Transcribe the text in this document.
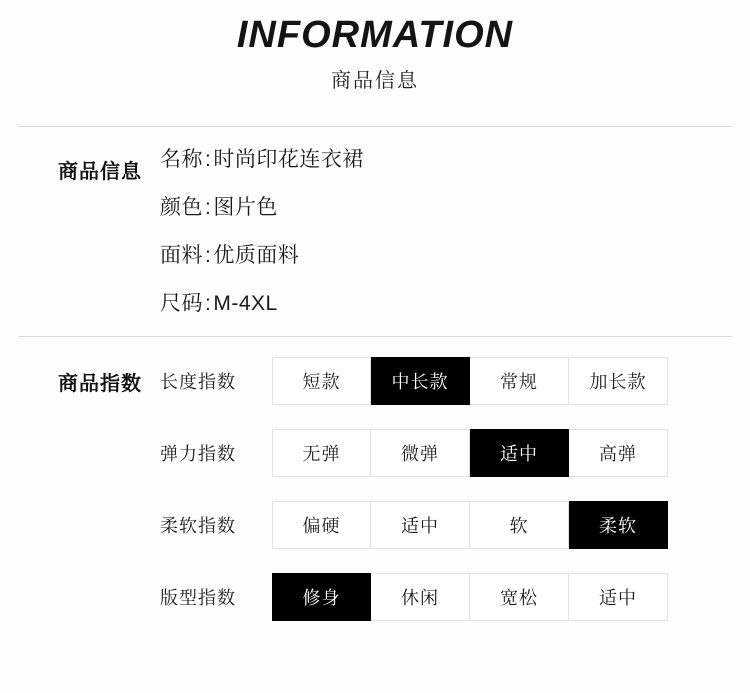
INFORMATION
商品信息
商品信息
名称:时尚印花连衣裙
颜色:图片色
面料:优质面料
尺码:M-4XL
商品指数	长度指数	短款	中长款	常规	加长款
弹力指数	无弹	微弹	适中	高弹
柔软指数	偏硬	适中	软	柔软
版型指数	修身	休闲	宽松	适中
